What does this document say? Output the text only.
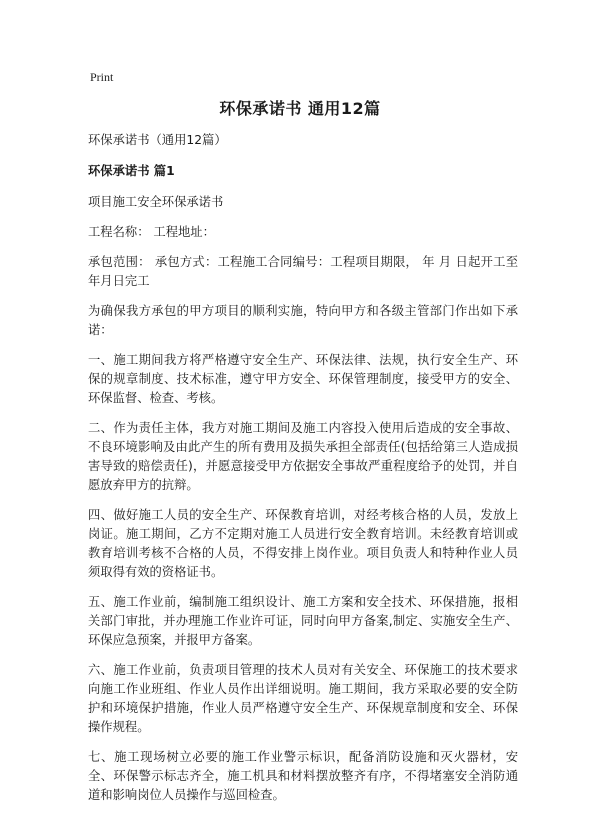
Print
环保承诺书 通用12篇

环保承诺书（通用12篇）

环保承诺书 篇1

项目施工安全环保承诺书

工程名称： 工程地址：

承包范围： 承包方式：工程施工合同编号：工程项目期限， 年 月 日起开工至年月日完工

为确保我方承包的甲方项目的顺利实施，特向甲方和各级主管部门作出如下承诺：

一、施工期间我方将严格遵守安全生产、环保法律、法规，执行安全生产、环保的规章制度、技术标准，遵守甲方安全、环保管理制度，接受甲方的安全、环保监督、检查、考核。

二、作为责任主体，我方对施工期间及施工内容投入使用后造成的安全事故、不良环境影响及由此产生的所有费用及损失承担全部责任(包括给第三人造成损害导致的赔偿责任)，并愿意接受甲方依据安全事故严重程度给予的处罚，并自愿放弃甲方的抗辩。

四、做好施工人员的安全生产、环保教育培训，对经考核合格的人员，发放上岗证。施工期间，乙方不定期对施工人员进行安全教育培训。未经教育培训或教育培训考核不合格的人员，不得安排上岗作业。项目负责人和特种作业人员须取得有效的资格证书。

五、施工作业前，编制施工组织设计、施工方案和安全技术、环保措施，报相关部门审批，并办理施工作业许可证，同时向甲方备案,制定、实施安全生产、环保应急预案，并报甲方备案。

六、施工作业前，负责项目管理的技术人员对有关安全、环保施工的技术要求向施工作业班组、作业人员作出详细说明。施工期间，我方采取必要的安全防护和环境保护措施，作业人员严格遵守安全生产、环保规章制度和安全、环保操作规程。

七、施工现场树立必要的施工作业警示标识，配备消防设施和灭火器材，安全、环保警示标志齐全，施工机具和材料摆放整齐有序，不得堵塞安全消防通道和影响岗位人员操作与巡回检查。
